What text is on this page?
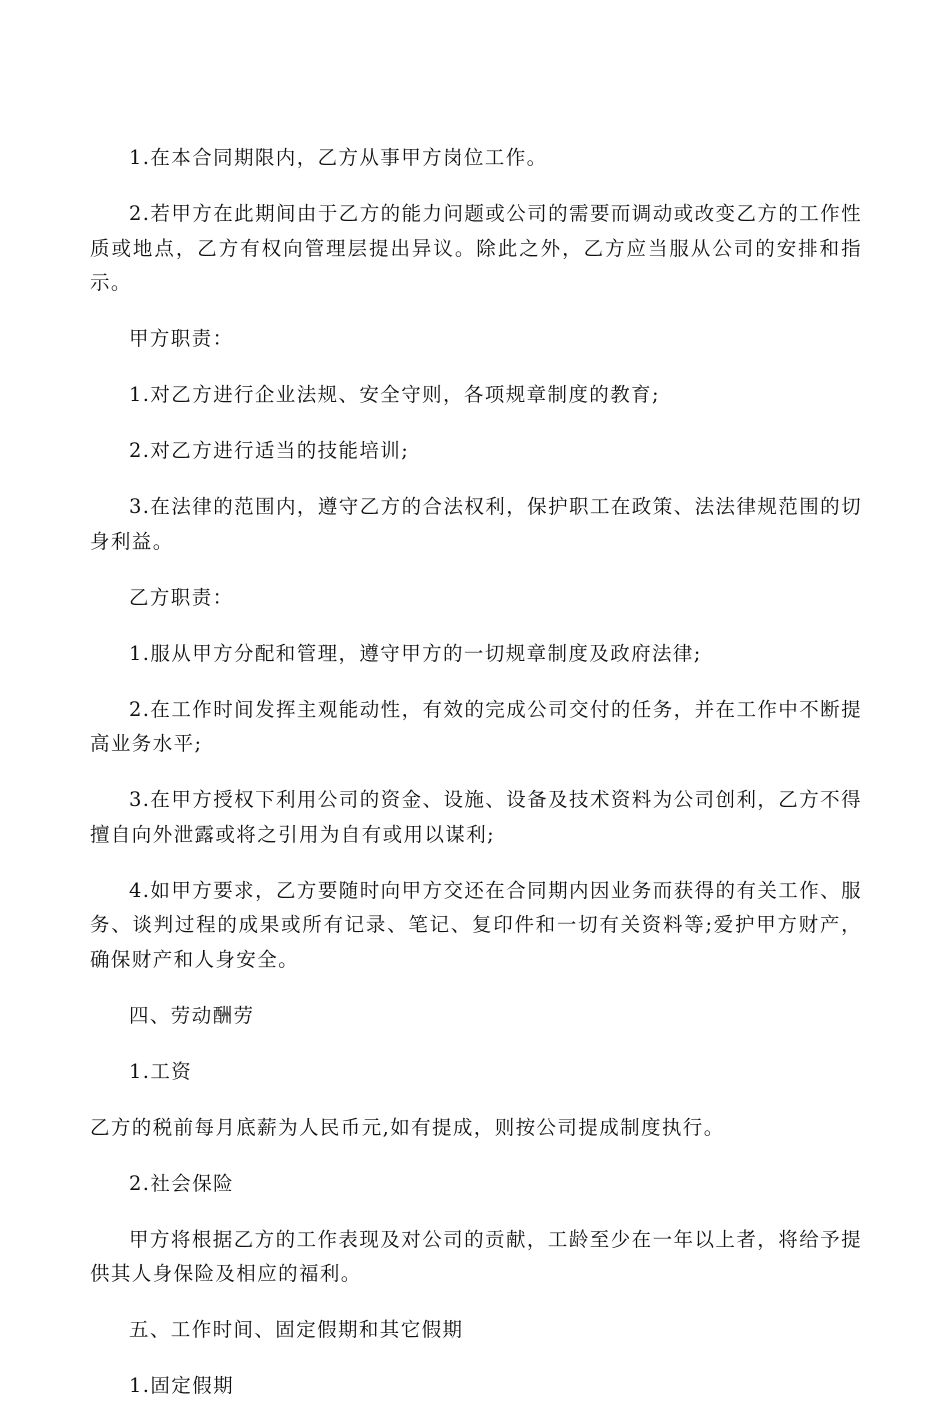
1.在本合同期限内，乙方从事甲方岗位工作。

2.若甲方在此期间由于乙方的能力问题或公司的需要而调动或改变乙方的工作性质或地点，乙方有权向管理层提出异议。除此之外，乙方应当服从公司的安排和指示。

甲方职责：

1.对乙方进行企业法规、安全守则，各项规章制度的教育;

2.对乙方进行适当的技能培训;

3.在法律的范围内，遵守乙方的合法权利，保护职工在政策、法法律规范围的切身利益。

乙方职责：

1.服从甲方分配和管理，遵守甲方的一切规章制度及政府法律;

2.在工作时间发挥主观能动性，有效的完成公司交付的任务，并在工作中不断提高业务水平;

3.在甲方授权下利用公司的资金、设施、设备及技术资料为公司创利，乙方不得擅自向外泄露或将之引用为自有或用以谋利;

4.如甲方要求，乙方要随时向甲方交还在合同期内因业务而获得的有关工作、服务、谈判过程的成果或所有记录、笔记、复印件和一切有关资料等;爱护甲方财产，确保财产和人身安全。

四、劳动酬劳

1.工资

乙方的税前每月底薪为人民币元,如有提成，则按公司提成制度执行。

2.社会保险

甲方将根据乙方的工作表现及对公司的贡献，工龄至少在一年以上者，将给予提供其人身保险及相应的福利。

五、工作时间、固定假期和其它假期

1.固定假期
